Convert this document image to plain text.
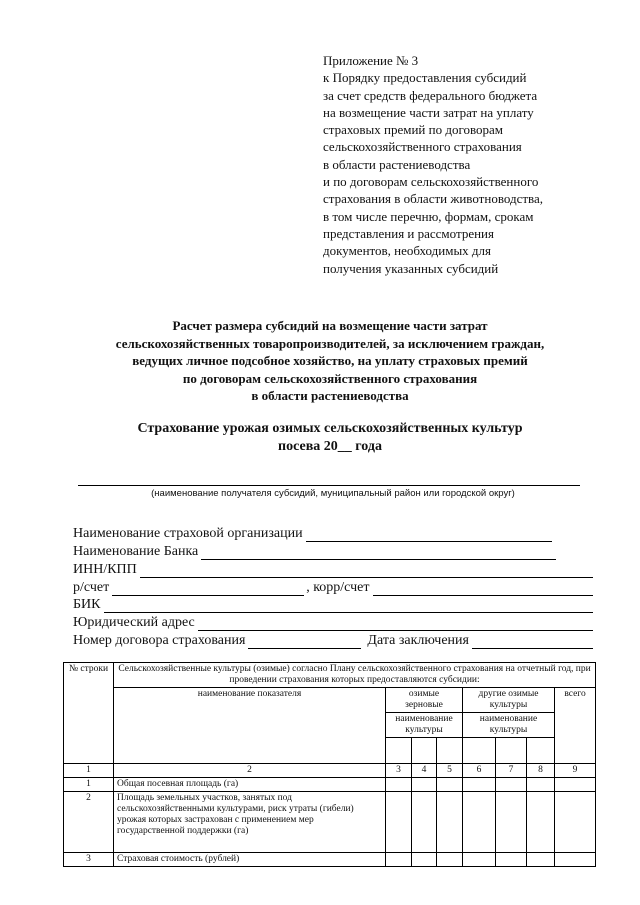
Приложение № 3
к Порядку предоставления субсидий
за счет средств федерального бюджета
на возмещение части затрат на уплату
страховых премий по договорам
сельскохозяйственного страхования
в области растениеводства
и по договорам сельскохозяйственного
страхования в области животноводства,
в том числе перечню, формам, срокам
представления и рассмотрения
документов, необходимых для
получения указанных субсидий
Расчет размера субсидий на возмещение части затрат
сельскохозяйственных товаропроизводителей, за исключением граждан,
ведущих личное подсобное хозяйство, на уплату страховых премий
по договорам сельскохозяйственного страхования
в области растениеводства
Страхование урожая озимых сельскохозяйственных культур
посева 20__ года
(наименование получателя субсидий, муниципальный район или городской округ)
Наименование страховой организации
Наименование Банка
ИНН/КПП
р/счет	, корр/счет
БИК
Юридический адрес
Номер договора страхования	Дата заключения
№ строки	Сельскохозяйственные культуры (озимые) согласно Плану сельскохозяйственного страхования на отчетный год, при проведении страхования которых предоставляются субсидии:							
	наименование показателя	озимые зерновые			другие озимые культуры			всего
		наименование культуры			наименование культуры			

1	2	3	4	5	6	7	8	9
1	Общая посевная площадь (га)							
2	Площадь земельных участков, занятых под сельскохозяйственными культурами, риск утраты (гибели) урожая которых застрахован с применением мер государственной поддержки (га)							
3	Страховая стоимость (рублей)							
